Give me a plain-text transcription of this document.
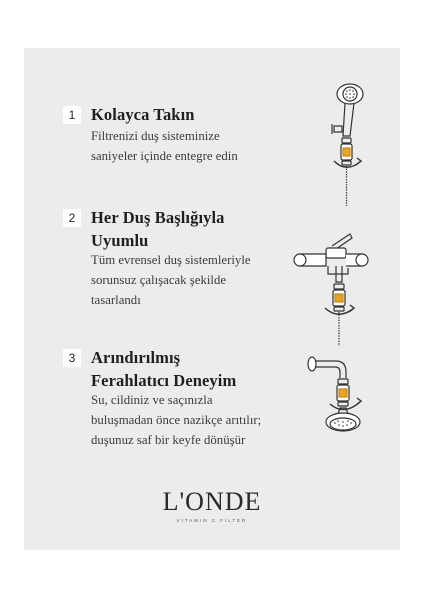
1 Kolayca Takın

Filtrenizi duş sisteminize
saniyeler içinde entegre edin

2 Her Duş Başlığıyla
Uyumlu

Tüm evrensel duş sistemleriyle
sorunsuz çalışacak şekilde
tasarlandı

3 Arındırılmış
Ferahlatıcı Deneyim

Su, cildiniz ve saçınızla
buluşmadan önce nazikçe arıtılır;
duşunuz saf bir keyfe dönüşür

L'ONDE
VITAMIN C FILTER
